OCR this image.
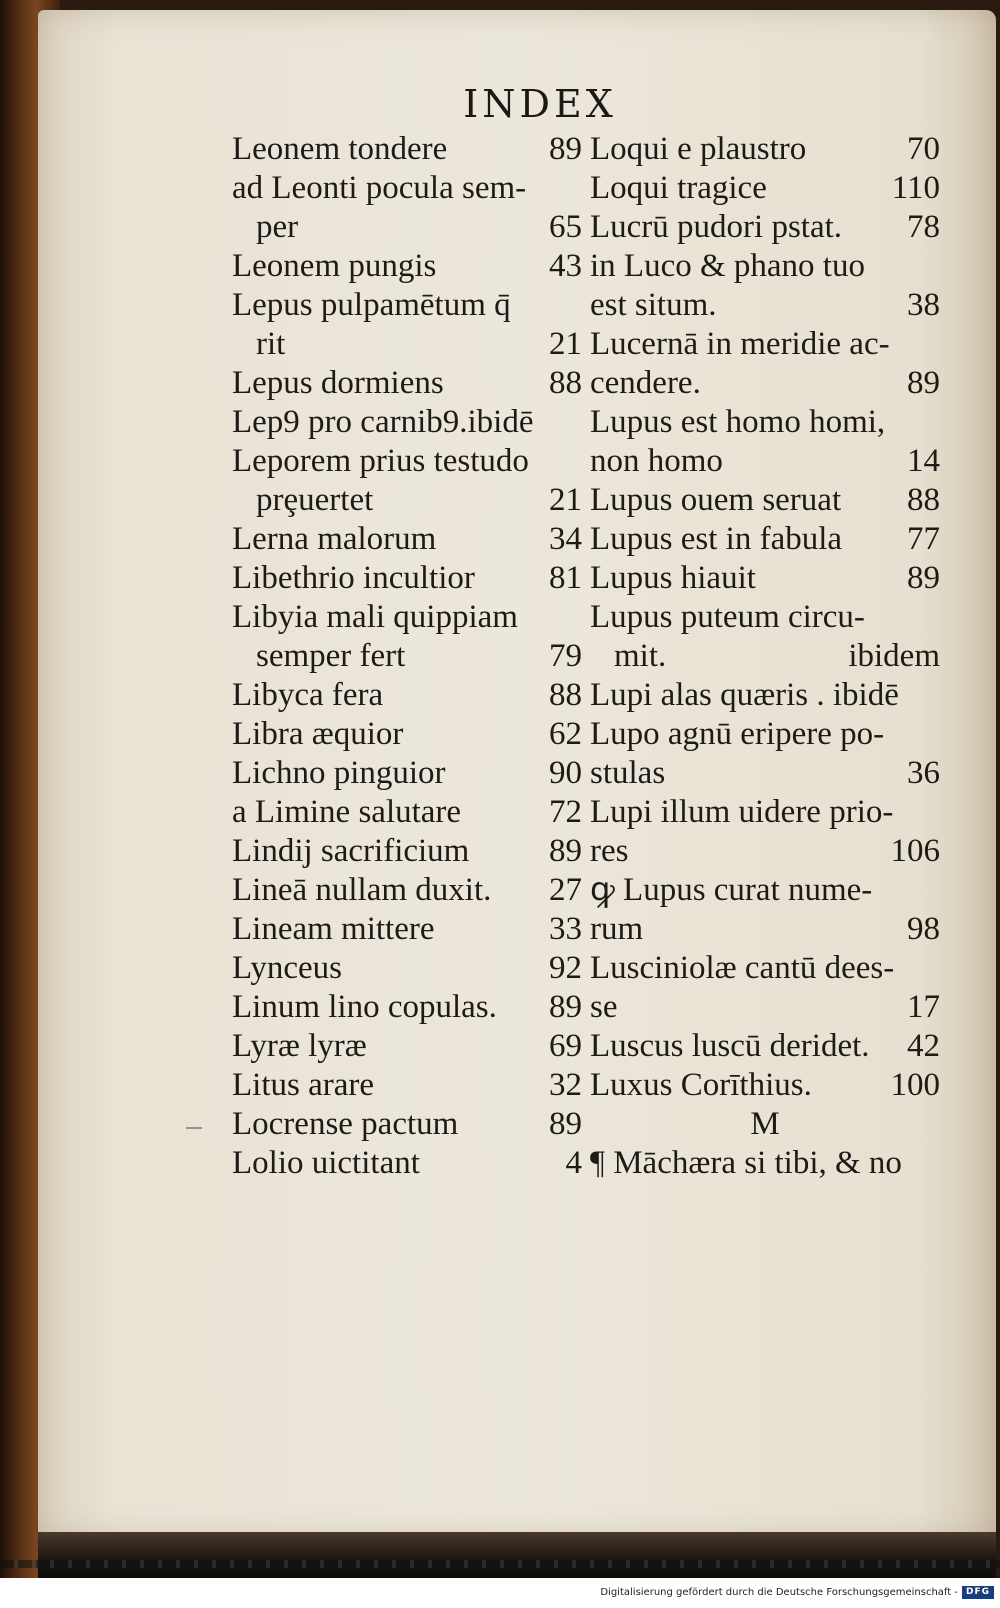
INDEX
Leonem tondere	89
ad Leonti pocula sem-
per	65
Leonem pungis	43
Lepus pulpamētum q̄
rit	21
Lepus dormiens	88
Lep9 pro carnib9.ibidē
Leporem prius testudo
prȩuertet	21
Lerna malorum	34
Libethrio incultior 81
Libyia mali quippiam
semper fert	79
Libyca fera	88
Libra æquior	62
Lichno pinguior	90
a Limine salutare	72
Lindij sacrificium 89
Lineā nullam duxit. 27
Lineam mittere	33
Lynceus	92
Linum lino copulas. 89
Lyræ lyræ	69
Litus arare	32
Locrense pactum	89
Lolio uictitant	4
Loqui e plaustro	70
Loqui tragice	110
Lucrū pudori pstat. 78
in Luco & phano tuo
est situm.	38
Lucernā in meridie ac-
cendere.	89
Lupus est homo homi,
non homo	14
Lupus ouem seruat 88
Lupus est in fabula 77
Lupus hiauit	89
Lupus puteum circu-
mit.	ibidem
Lupi alas quæris . ibidē
Lupo agnū eripere po-
stulas	36
Lupi illum uidere prio-
res	106
ꝙ Lupus curat nume-
rum	98
Lusciniolæ cantū dees-
se	17
Luscus luscū deridet. 42
Luxus Corīthius. 100
M
¶ Māchæra si tibi, & no
Digitalisierung gefördert durch die Deutsche Forschungsgemeinschaft - DFG
